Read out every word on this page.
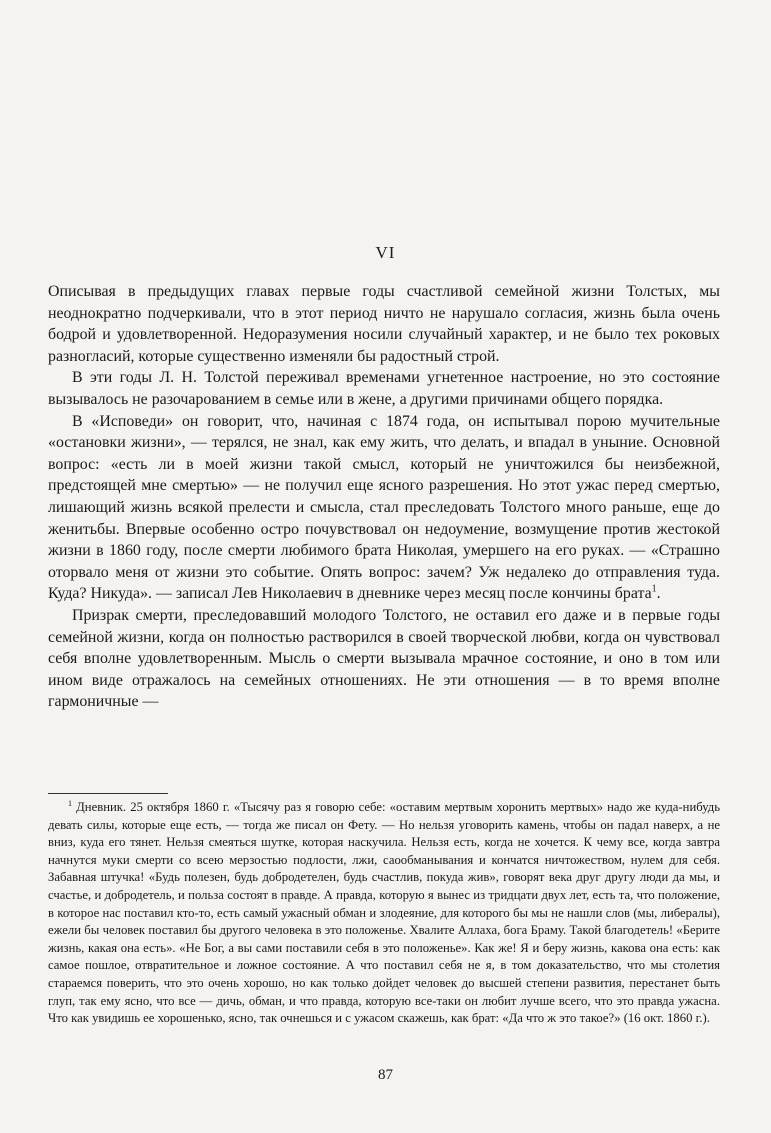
VI

Описывая в предыдущих главах первые годы счастливой семейной жизни Толстых, мы неоднократно подчеркивали, что в этот период ничто не нарушало согласия, жизнь была очень бодрой и удовлетворенной. Недоразумения носили случайный характер, и не было тех роковых разногласий, которые существенно изменяли бы радостный строй.

В эти годы Л. Н. Толстой переживал временами угнетенное настроение, но это состояние вызывалось не разочарованием в семье или в жене, а другими причинами общего порядка.

В «Исповеди» он говорит, что, начиная с 1874 года, он испытывал порою мучительные «остановки жизни», — терялся, не знал, как ему жить, что делать, и впадал в уныние. Основной вопрос: «есть ли в моей жизни такой смысл, который не уничтожился бы неизбежной, предстоящей мне смертью» — не получил еще ясного разрешения. Но этот ужас перед смертью, лишающий жизнь всякой прелести и смысла, стал преследовать Толстого много раньше, еще до женитьбы. Впервые особенно остро почувствовал он недоумение, возмущение против жестокой жизни в 1860 году, после смерти любимого брата Николая, умершего на его руках. — «Страшно оторвало меня от жизни это событие. Опять вопрос: зачем? Уж недалеко до отправления туда. Куда? Никуда». — записал Лев Николаевич в дневнике через месяц после кончины брата$^1$.

Призрак смерти, преследовавший молодого Толстого, не оставил его даже и в первые годы семейной жизни, когда он полностью растворился в своей творческой любви, когда он чувствовал себя вполне удовлетворенным. Мысль о смерти вызывала мрачное состояние, и оно в том или ином виде отражалось на семейных отношениях. Не эти отношения — в то время вполне гармоничные —

$^1$ Дневник. 25 октября 1860 г. «Тысячу раз я говорю себе: «оставим мертвым хоронить мертвых» надо же куда-нибудь девать силы, которые еще есть, — тогда же писал он Фету. — Но нельзя уговорить камень, чтобы он падал наверх, а не вниз, куда его тянет. Нельзя смеяться шутке, которая наскучила. Нельзя есть, когда не хочется. К чему все, когда завтра начнутся муки смерти со всею мерзостью подлости, лжи, саообманывания и кончатся ничтожеством, нулем для себя. Забавная штучка! «Будь полезен, будь добродетелен, будь счастлив, покуда жив», говорят века друг другу люди да мы, и счастье, и добродетель, и польза состоят в правде. А правда, которую я вынес из тридцати двух лет, есть та, что положение, в которое нас поставил кто-то, есть самый ужасный обман и злодеяние, для которого бы мы не нашли слов (мы, либералы), ежели бы человек поставил бы другого человека в это положенье. Хвалите Аллаха, бога Браму. Такой благодетель! «Берите жизнь, какая она есть». «Не Бог, а вы сами поставили себя в это положенье». Как же! Я и беру жизнь, какова она есть: как самое пошлое, отвратительное и ложное состояние. А что поставил себя не я, в том доказательство, что мы столетия стараемся поверить, что это очень хорошо, но как только дойдет человек до высшей степени развития, перестанет быть глуп, так ему ясно, что все — дичь, обман, и что правда, которую все-таки он любит лучше всего, что это правда ужасна. Что как увидишь ее хорошенько, ясно, так очнешься и с ужасом скажешь, как брат: «Да что ж это такое?» (16 окт. 1860 г.).
87
